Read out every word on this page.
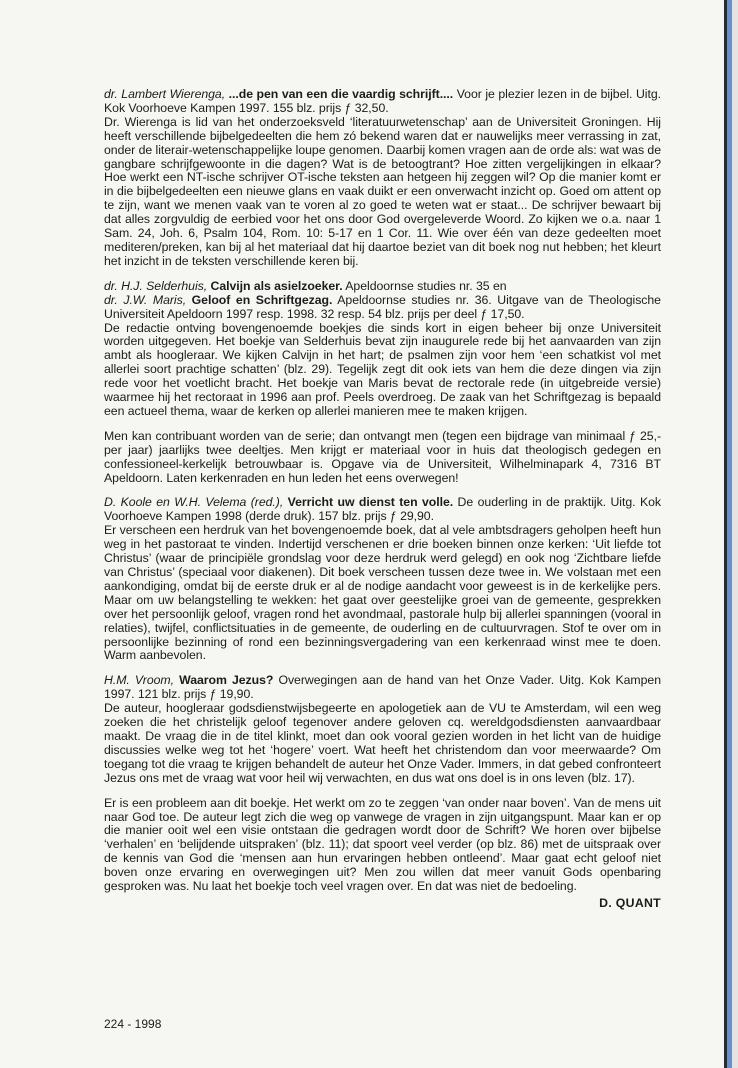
dr. Lambert Wierenga, ...de pen van een die vaardig schrijft.... Voor je plezier lezen in de bijbel. Uitg. Kok Voorhoeve Kampen 1997. 155 blz. prijs ƒ 32,50.
Dr. Wierenga is lid van het onderzoeksveld ‘literatuurwetenschap’ aan de Universiteit Groningen. Hij heeft verschillende bijbelgedeelten die hem zó bekend waren dat er nauwelijks meer verrassing in zat, onder de literair-wetenschappelijke loupe genomen. Daarbij komen vragen aan de orde als: wat was de gangbare schrijfgewoonte in die dagen? Wat is de betoogtrant? Hoe zitten vergelijkingen in elkaar? Hoe werkt een NT-ische schrijver OT-ische teksten aan hetgeen hij zeggen wil? Op die manier komt er in die bijbelgedeelten een nieuwe glans en vaak duikt er een onverwacht inzicht op. Goed om attent op te zijn, want we menen vaak van te voren al zo goed te weten wat er staat... De schrijver bewaart bij dat alles zorgvuldig de eerbied voor het ons door God overgeleverde Woord. Zo kijken we o.a. naar 1 Sam. 24, Joh. 6, Psalm 104, Rom. 10: 5-17 en 1 Cor. 11. Wie over één van deze gedeelten moet mediteren/preken, kan bij al het materiaal dat hij daartoe beziet van dit boek nog nut hebben; het kleurt het inzicht in de teksten verschillende keren bij.

dr. H.J. Selderhuis, Calvijn als asielzoeker. Apeldoornse studies nr. 35 en
dr. J.W. Maris, Geloof en Schriftgezag. Apeldoornse studies nr. 36. Uitgave van de Theologische Universiteit Apeldoorn 1997 resp. 1998. 32 resp. 54 blz. prijs per deel ƒ 17,50.
De redactie ontving bovengenoemde boekjes die sinds kort in eigen beheer bij onze Universiteit worden uitgegeven. Het boekje van Selderhuis bevat zijn inaugurele rede bij het aanvaarden van zijn ambt als hoogleraar. We kijken Calvijn in het hart; de psalmen zijn voor hem ‘een schatkist vol met allerlei soort prachtige schatten’ (blz. 29). Tegelijk zegt dit ook iets van hem die deze dingen via zijn rede voor het voetlicht bracht. Het boekje van Maris bevat de rectorale rede (in uitgebreide versie) waarmee hij het rectoraat in 1996 aan prof. Peels overdroeg. De zaak van het Schriftgezag is bepaald een actueel thema, waar de kerken op allerlei manieren mee te maken krijgen.

Men kan contribuant worden van de serie; dan ontvangt men (tegen een bijdrage van minimaal ƒ 25,- per jaar) jaarlijks twee deeltjes. Men krijgt er materiaal voor in huis dat theologisch gedegen en confessioneel-kerkelijk betrouwbaar is. Opgave via de Universiteit, Wilhelminapark 4, 7316 BT Apeldoorn. Laten kerkenraden en hun leden het eens overwegen!

D. Koole en W.H. Velema (red.), Verricht uw dienst ten volle. De ouderling in de praktijk. Uitg. Kok Voorhoeve Kampen 1998 (derde druk). 157 blz. prijs ƒ 29,90.
Er verscheen een herdruk van het bovengenoemde boek, dat al vele ambtsdragers geholpen heeft hun weg in het pastoraat te vinden. Indertijd verschenen er drie boeken binnen onze kerken: ‘Uit liefde tot Christus’ (waar de principiële grondslag voor deze herdruk werd gelegd) en ook nog ‘Zichtbare liefde van Christus’ (speciaal voor diakenen). Dit boek verscheen tussen deze twee in. We volstaan met een aankondiging, omdat bij de eerste druk er al de nodige aandacht voor geweest is in de kerkelijke pers. Maar om uw belangstelling te wekken: het gaat over geestelijke groei van de gemeente, gesprekken over het persoonlijk geloof, vragen rond het avondmaal, pastorale hulp bij allerlei spanningen (vooral in relaties), twijfel, conflictsituaties in de gemeente, de ouderling en de cultuurvragen. Stof te over om in persoonlijke bezinning of rond een bezinningsvergadering van een kerkenraad winst mee te doen. Warm aanbevolen.

H.M. Vroom, Waarom Jezus? Overwegingen aan de hand van het Onze Vader. Uitg. Kok Kampen 1997. 121 blz. prijs ƒ 19,90.
De auteur, hoogleraar godsdienstwijsbegeerte en apologetiek aan de VU te Amsterdam, wil een weg zoeken die het christelijk geloof tegenover andere geloven cq. wereldgodsdiensten aanvaardbaar maakt. De vraag die in de titel klinkt, moet dan ook vooral gezien worden in het licht van de huidige discussies welke weg tot het ‘hogere’ voert. Wat heeft het christendom dan voor meerwaarde? Om toegang tot die vraag te krijgen behandelt de auteur het Onze Vader. Immers, in dat gebed confronteert Jezus ons met de vraag wat voor heil wij verwachten, en dus wat ons doel is in ons leven (blz. 17).

Er is een probleem aan dit boekje. Het werkt om zo te zeggen ‘van onder naar boven’. Van de mens uit naar God toe. De auteur legt zich die weg op vanwege de vragen in zijn uitgangspunt. Maar kan er op die manier ooit wel een visie ontstaan die gedragen wordt door de Schrift? We horen over bijbelse ‘verhalen’ en ‘belijdende uitspraken’ (blz. 11); dat spoort veel verder (op blz. 86) met de uitspraak over de kennis van God die ‘mensen aan hun ervaringen hebben ontleend’. Maar gaat echt geloof niet boven onze ervaring en overwegingen uit? Men zou willen dat meer vanuit Gods openbaring gesproken was. Nu laat het boekje toch veel vragen over. En dat was niet de bedoeling.

D. QUANT
224 - 1998
